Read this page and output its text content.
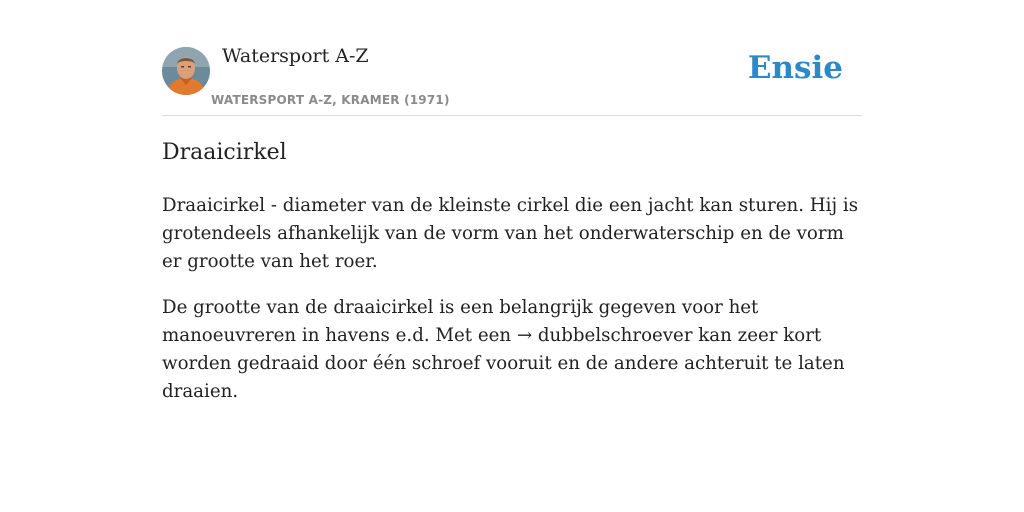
Watersport A-Z
WATERSPORT A-Z, KRAMER (1971)
Ensie
Draaicirkel

Draaicirkel - diameter van de kleinste cirkel die een jacht kan sturen. Hij is grotendeels afhankelijk van de vorm van het onderwaterschip en de vorm er grootte van het roer.

De grootte van de draaicirkel is een belangrijk gegeven voor het manoeuvreren in havens e.d. Met een → dubbelschroever kan zeer kort worden gedraaid door één schroef vooruit en de andere achteruit te laten draaien.
